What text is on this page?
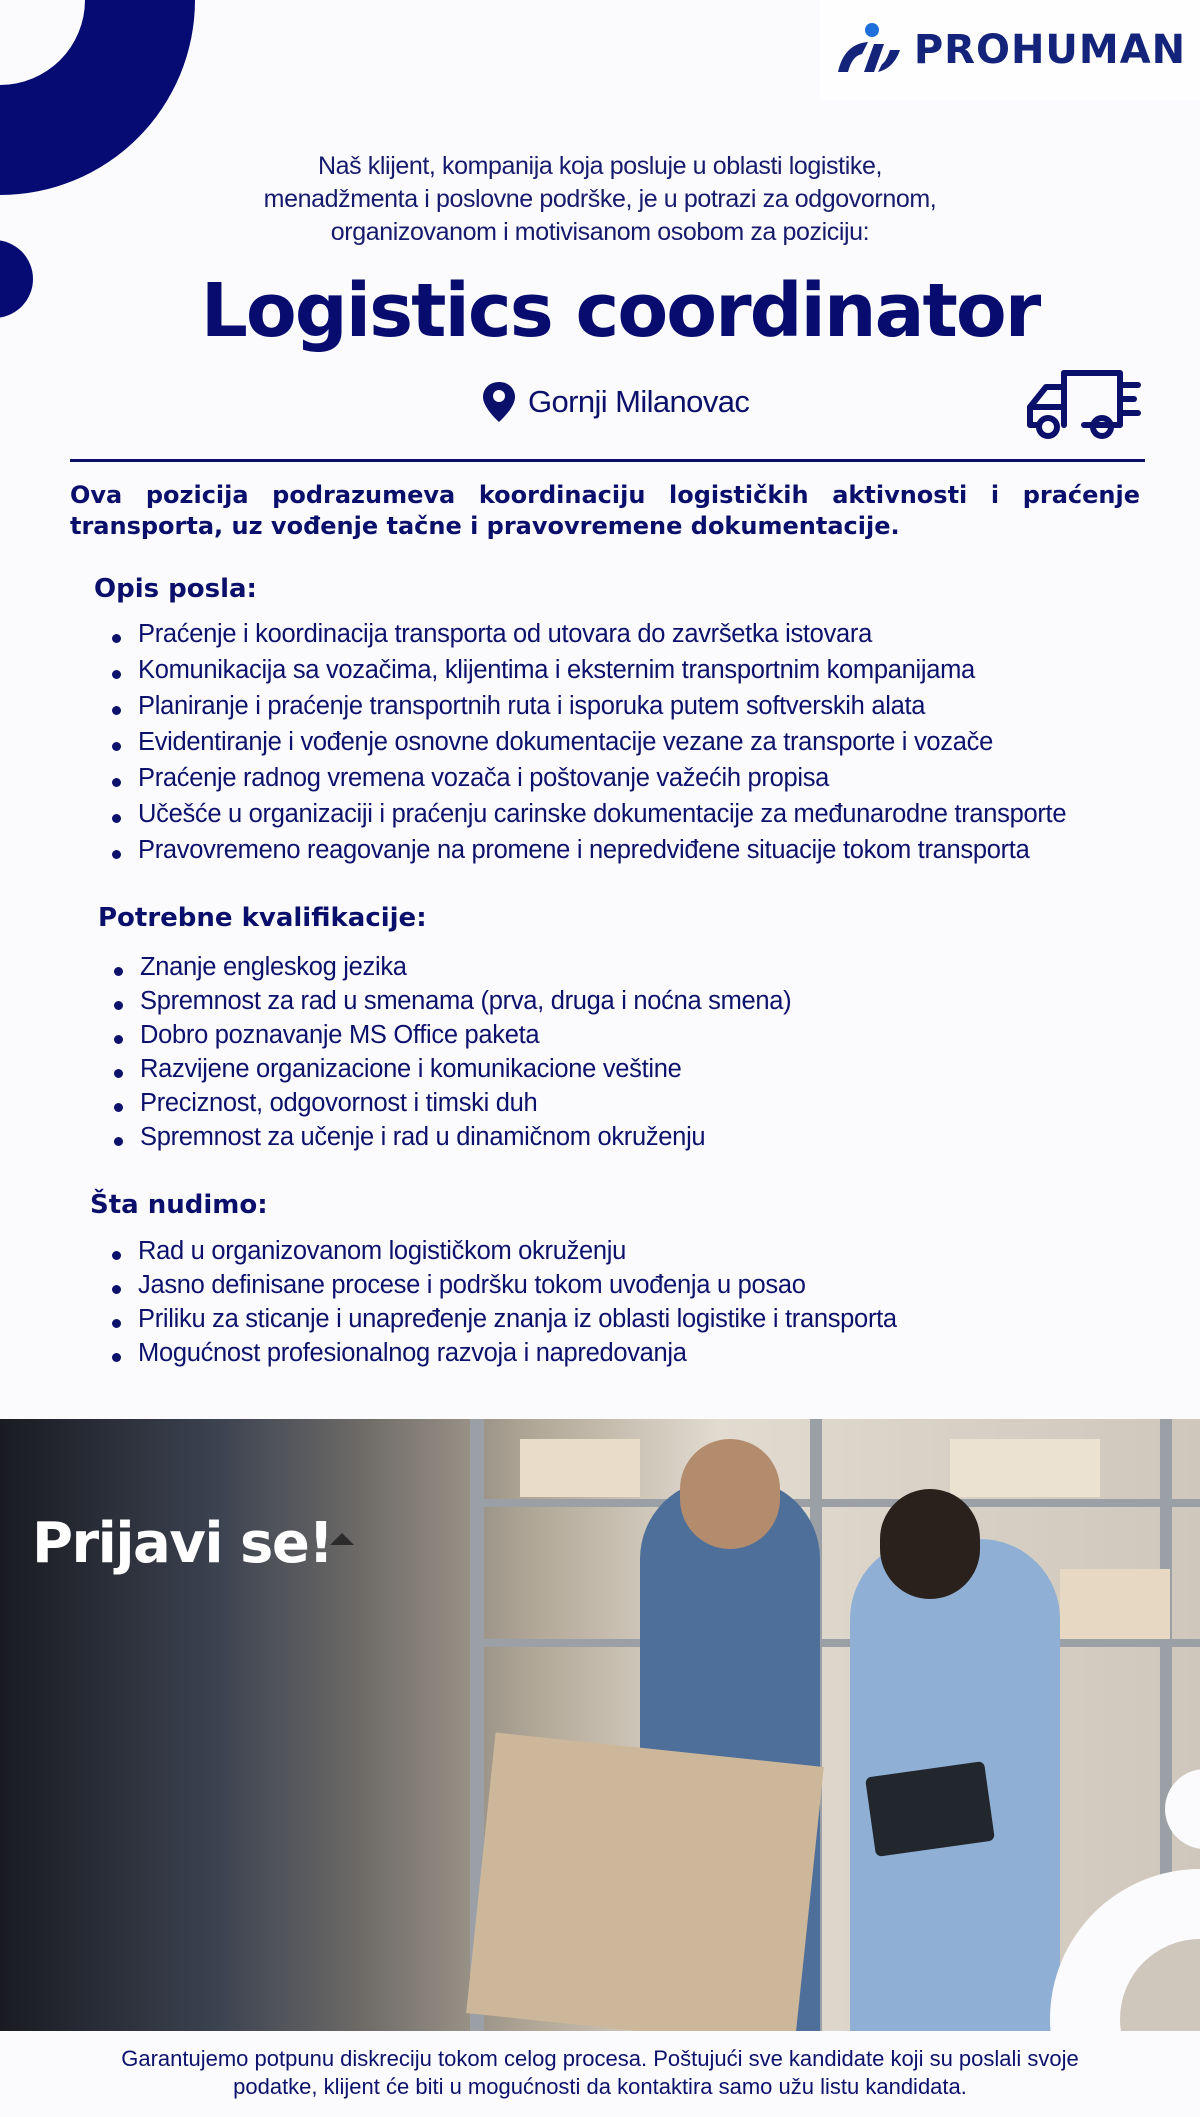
PROHUMAN
Naš klijent, kompanija koja posluje u oblasti logistike,
menadžmenta i poslovne podrške, je u potrazi za odgovornom,
organizovanom i motivisanom osobom za poziciju:
Logistics coordinator
Gornji Milanovac
Ova pozicija podrazumeva koordinaciju logističkih aktivnosti i praćenje transporta, uz vođenje tačne i pravovremene dokumentacije.
Opis posla:
Praćenje i koordinacija transporta od utovara do završetka istovara
Komunikacija sa vozačima, klijentima i eksternim transportnim kompanijama
Planiranje i praćenje transportnih ruta i isporuka putem softverskih alata
Evidentiranje i vođenje osnovne dokumentacije vezane za transporte i vozače
Praćenje radnog vremena vozača i poštovanje važećih propisa
Učešće u organizaciji i praćenju carinske dokumentacije za međunarodne transporte
Pravovremeno reagovanje na promene i nepredviđene situacije tokom transporta
Potrebne kvalifikacije:
Znanje engleskog jezika
Spremnost za rad u smenama (prva, druga i noćna smena)
Dobro poznavanje MS Office paketa
Razvijene organizacione i komunikacione veštine
Preciznost, odgovornost i timski duh
Spremnost za učenje i rad u dinamičnom okruženju
Šta nudimo:
Rad u organizovanom logističkom okruženju
Jasno definisane procese i podršku tokom uvođenja u posao
Priliku za sticanje i unapređenje znanja iz oblasti logistike i transporta
Mogućnost profesionalnog razvoja i napredovanja
Prijavi se!
Garantujemo potpunu diskreciju tokom celog procesa. Poštujući sve kandidate koji su poslali svoje
podatke, klijent će biti u mogućnosti da kontaktira samo užu listu kandidata.
